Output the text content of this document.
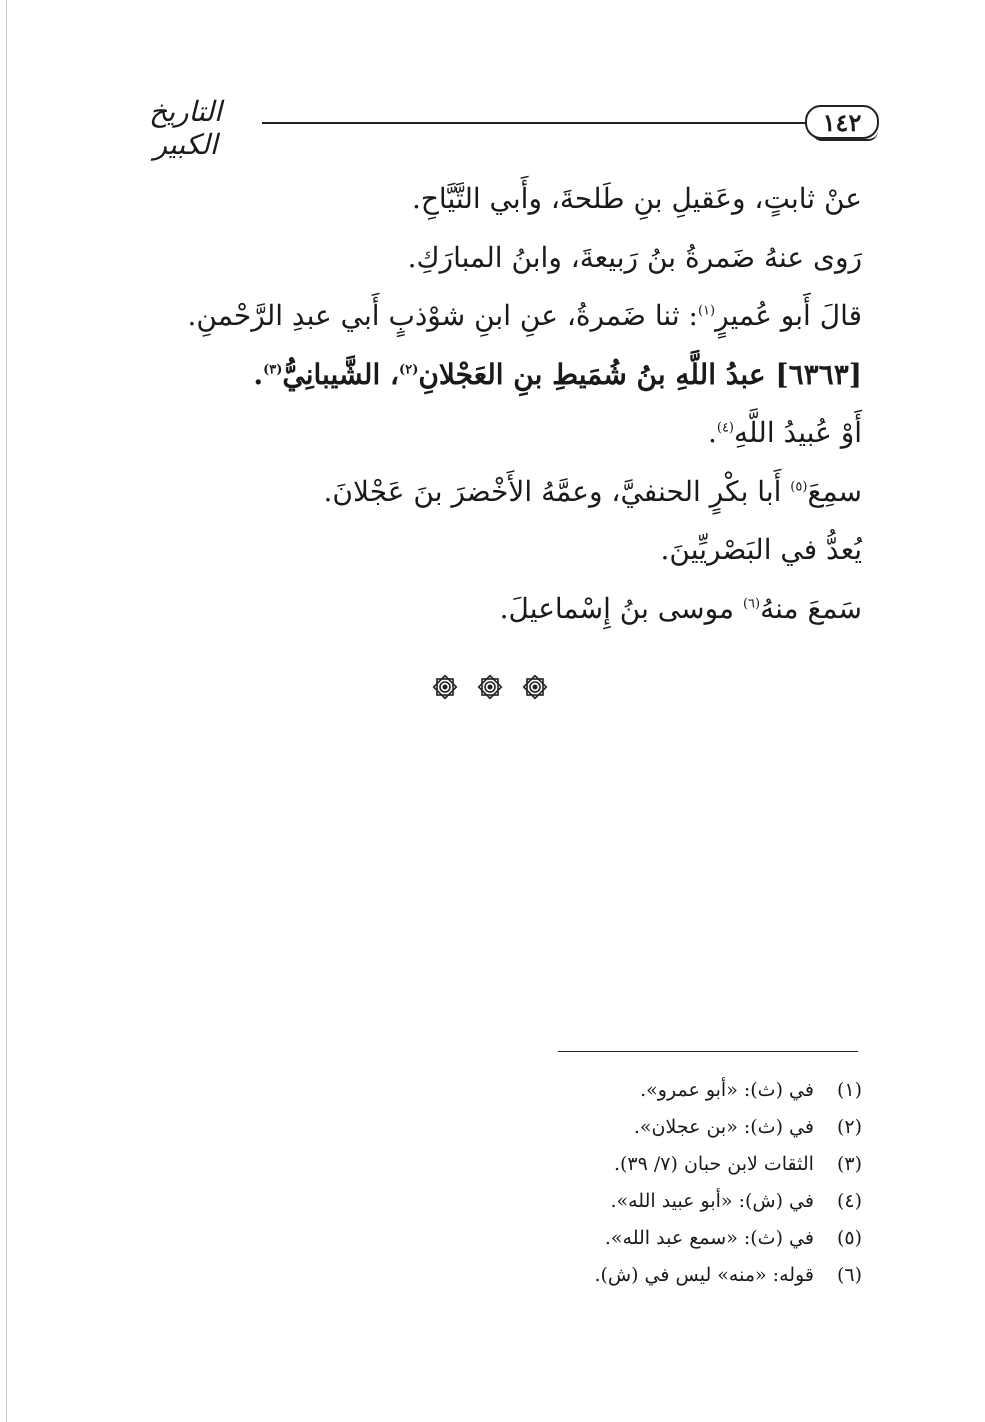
التاريخ الكبير
١٤٢

عنْ ثابتٍ، وعَقيلِ بنِ طَلحةَ، وأَبي التَّيَّاحِ.

رَوى عنهُ ضَمرةُ بنُ رَبيعةَ، وابنُ المبارَكِ.

قالَ أَبو عُميرٍ$^{(١)}$: ثنا ضَمرةُ، عنِ ابنِ شوْذبٍ أَبي عبدِ الرَّحْمنِ.

[٦٣٦٣] عبدُ اللَّهِ بنُ شُمَيطِ بنِ العَجْلانِ$^{(٢)}$، الشَّيبانِيُّ$^{(٣)}$.

أَوْ عُبيدُ اللَّهِ$^{(٤)}$.

سمِعَ$^{(٥)}$ أَبا بكْرٍ الحنفيَّ، وعمَّهُ الأَخْضرَ بنَ عَجْلانَ.

يُعدُّ في البَصْريِّينَ.

سَمعَ منهُ$^{(٦)}$ موسى بنُ إِسْماعيلَ.

(١) في (ث): «أبو عمرو».
(٢) في (ث): «بن عجلان».
(٣) الثقات لابن حبان (٧/ ٣٩).
(٤) في (ش): «أبو عبيد الله».
(٥) في (ث): «سمع عبد الله».
(٦) قوله: «منه» ليس في (ش).
